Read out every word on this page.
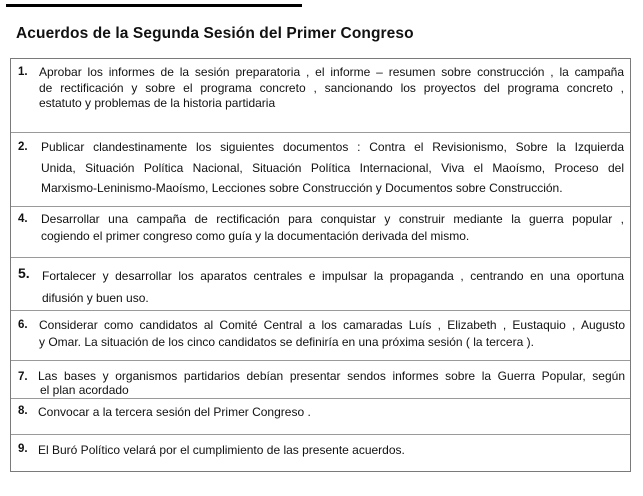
Acuerdos de la Segunda Sesión del Primer Congreso
1. Aprobar los informes de la sesión preparatoria , el informe – resumen sobre construcción , la campaña
de rectificación y sobre el programa concreto , sancionando los proyectos del programa concreto ,
estatuto y problemas de la historia partidaria
2. Publicar clandestinamente los siguientes documentos : Contra el Revisionismo, Sobre la Izquierda
Unida, Situación Política Nacional, Situación Política Internacional, Viva el Maoísmo, Proceso del
Marxismo-Leninismo-Maoísmo, Lecciones sobre Construcción y Documentos sobre Construcción.
4. Desarrollar una campaña de rectificación para conquistar y construir mediante la guerra popular ,
cogiendo el primer congreso como guía y la documentación derivada del mismo.
5. Fortalecer y desarrollar los aparatos centrales e impulsar la propaganda , centrando en una oportuna
difusión y buen uso.
6. Considerar como candidatos al Comité Central a los camaradas Luís , Elizabeth , Eustaquio , Augusto
y Omar. La situación de los cinco candidatos se definiría en una próxima sesión ( la tercera ).
7. Las bases y organismos partidarios debían presentar sendos informes sobre la Guerra Popular, según
el plan acordado
8. Convocar a la tercera sesión del Primer Congreso .
9. El Buró Político velará por el cumplimiento de las presente acuerdos.
